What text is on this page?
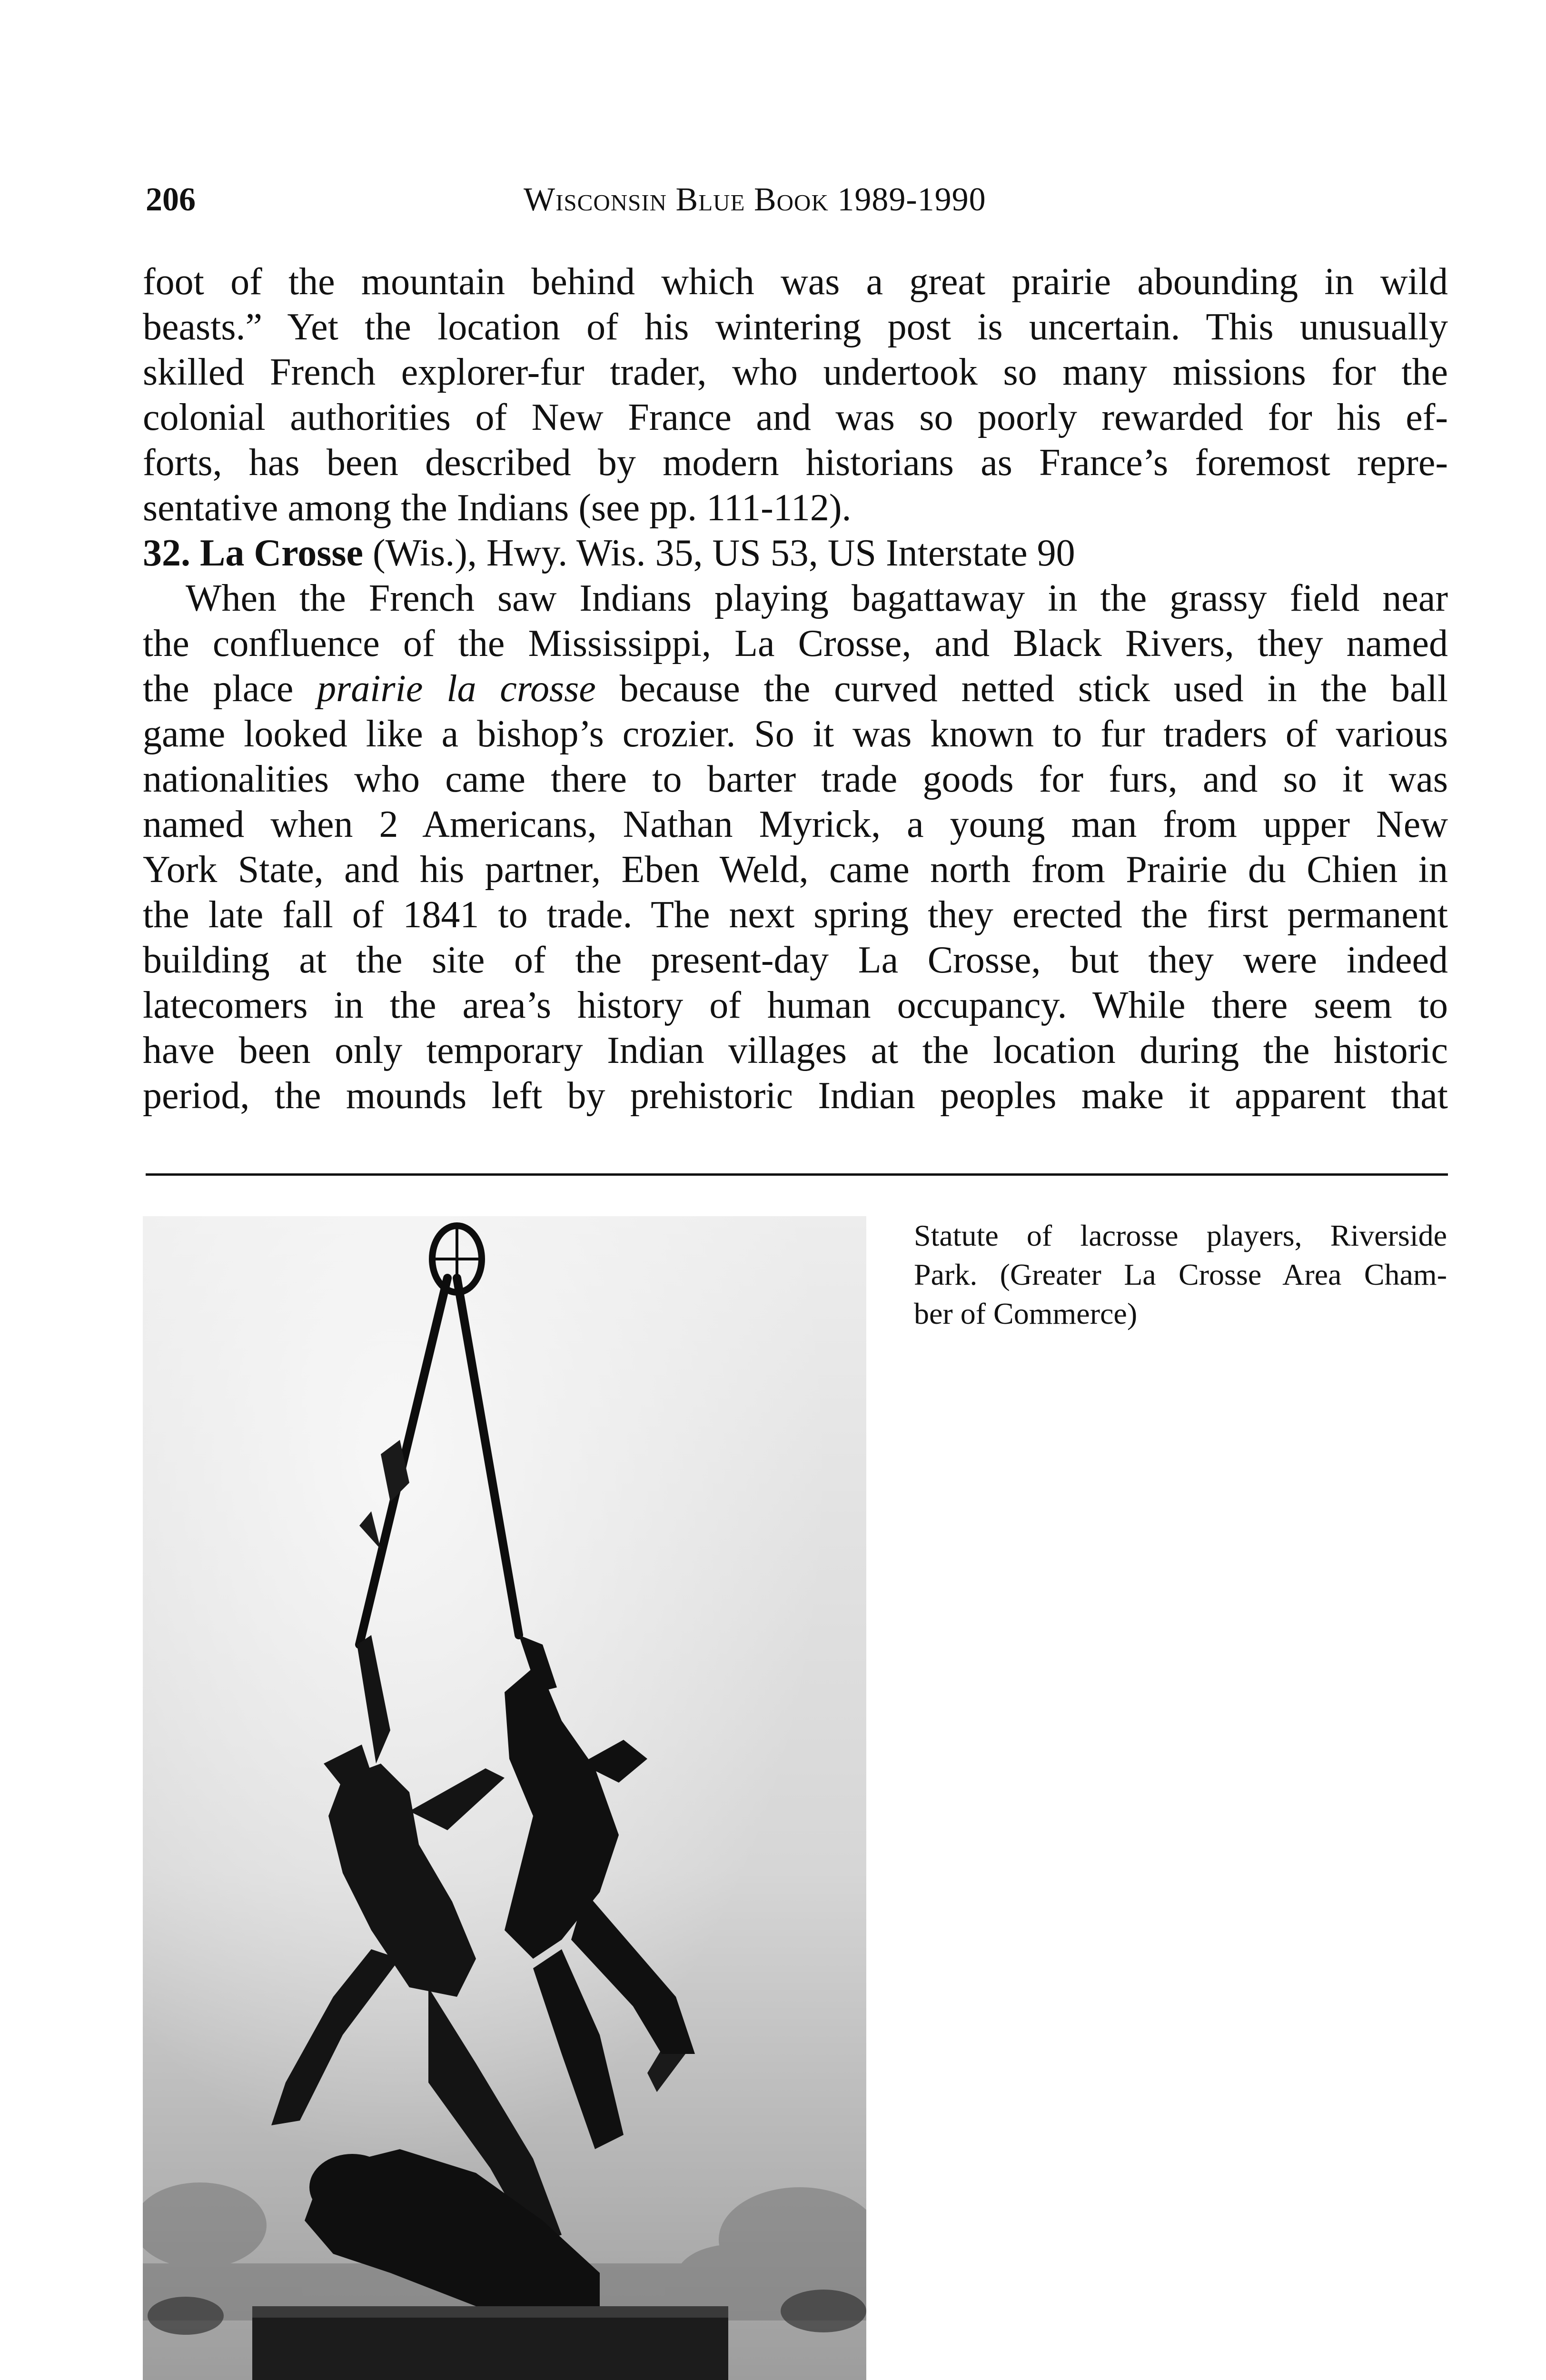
206	Wisconsin Blue Book 1989-1990
foot of the mountain behind which was a great prairie abounding in wild
beasts.” Yet the location of his wintering post is uncertain. This unusually
skilled French explorer-fur trader, who undertook so many missions for the
colonial authorities of New France and was so poorly rewarded for his ef-
forts, has been described by modern historians as France’s foremost repre-
sentative among the Indians (see pp. 111-112).
32. La Crosse (Wis.), Hwy. Wis. 35, US 53, US Interstate 90
When the French saw Indians playing bagattaway in the grassy field near
the confluence of the Mississippi, La Crosse, and Black Rivers, they named
the place prairie la crosse because the curved netted stick used in the ball
game looked like a bishop’s crozier. So it was known to fur traders of various
nationalities who came there to barter trade goods for furs, and so it was
named when 2 Americans, Nathan Myrick, a young man from upper New
York State, and his partner, Eben Weld, came north from Prairie du Chien in
the late fall of 1841 to trade. The next spring they erected the first permanent
building at the site of the present-day La Crosse, but they were indeed
latecomers in the area’s history of human occupancy. While there seem to
have been only temporary Indian villages at the location during the historic
period, the mounds left by prehistoric Indian peoples make it apparent that
Statute of lacrosse players, Riverside
Park. (Greater La Crosse Area Cham-
ber of Commerce)
